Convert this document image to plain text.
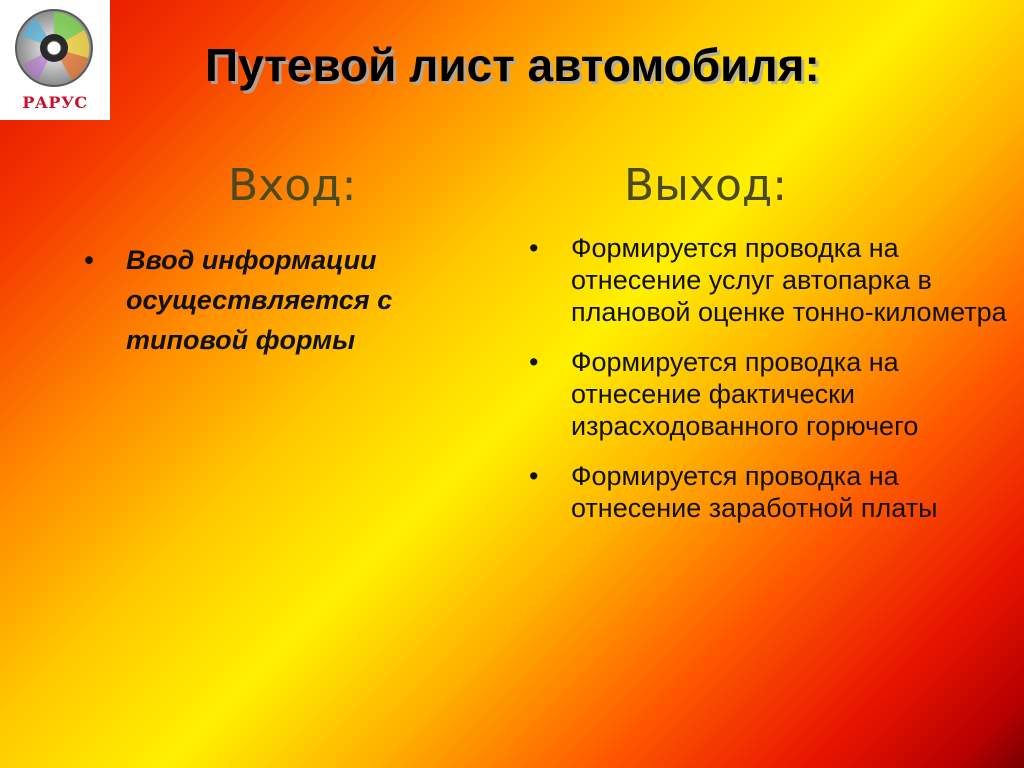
РАРУС
Путевой лист автомобиля:
Вход:	Выход:
• Ввод информации осуществляется с типовой формы
• Формируется проводка на отнесение услуг автопарка в плановой оценке тонно-километра
• Формируется проводка на отнесение фактически израсходованного горючего
• Формируется проводка на отнесение заработной платы
